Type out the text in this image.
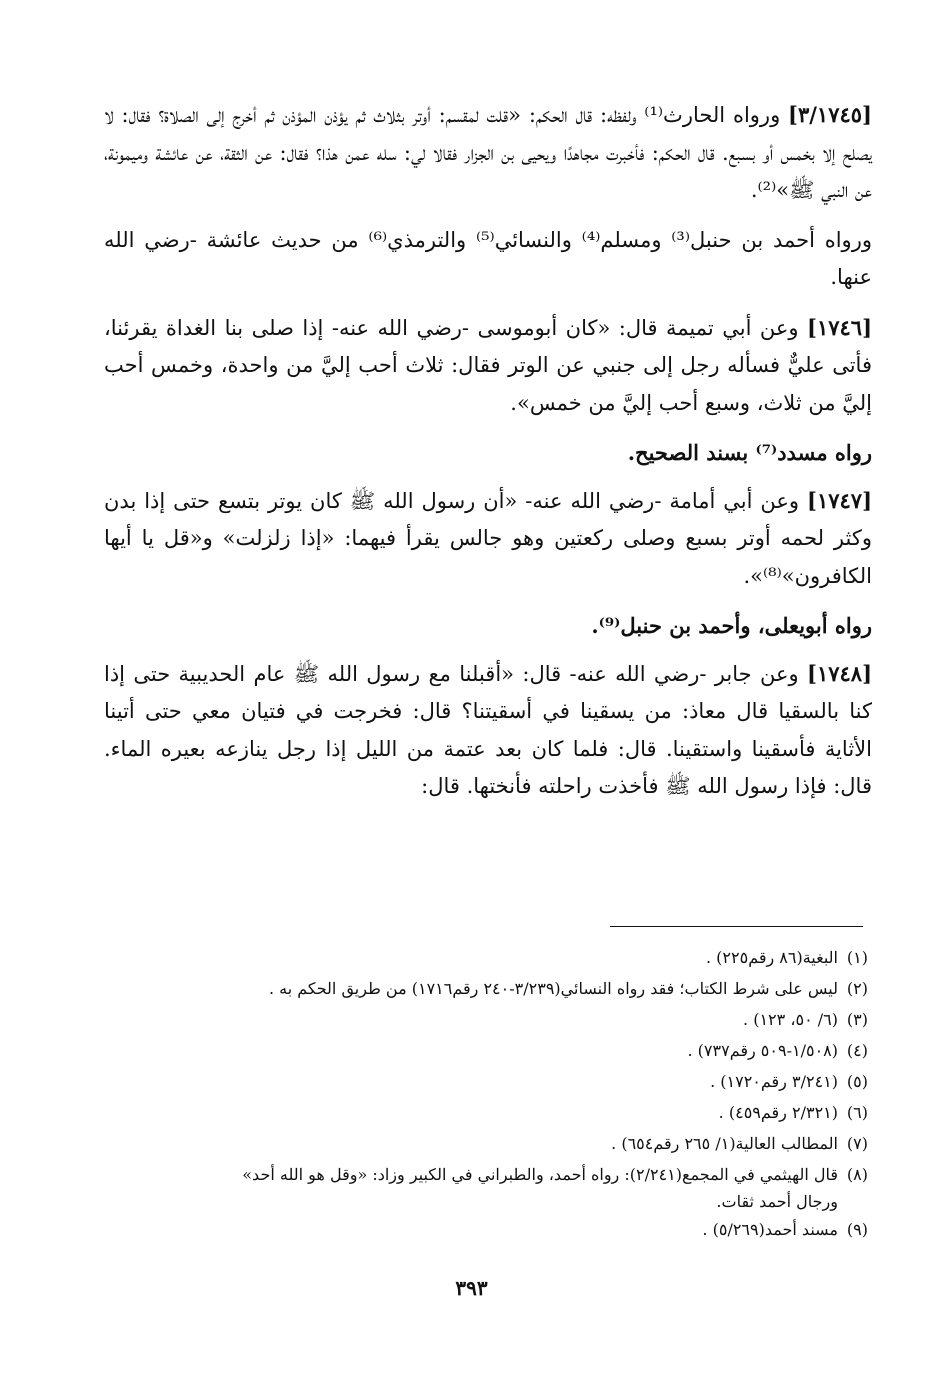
[٣/١٧٤٥] ورواه الحارث⁽¹⁾ ولفظه: قال الحكم: «قلت لمقسم: أوتر بثلاث ثم يؤذن المؤذن ثم أخرج إلى الصلاة؟ فقال: لا يصلح إلا بخمس أو بسبع. قال الحكم: فأخبرت مجاهدًا ويحيى بن الجزار فقالا لي: سله عمن هذا؟ فقال: عن الثقة، عن عائشة وميمونة، عن النبي ﷺ»⁽²⁾.

ورواه أحمد بن حنبل⁽³⁾ ومسلم⁽⁴⁾ والنسائي⁽⁵⁾ والترمذي⁽⁶⁾ من حديث عائشة -رضي الله عنها.

[١٧٤٦] وعن أبي تميمة قال: «كان أبوموسى -رضي الله عنه- إذا صلى بنا الغداة يقرئنا، فأتى عليٌّ فسأله رجل إلى جنبي عن الوتر فقال: ثلاث أحب إليَّ من واحدة، وخمس أحب إليَّ من ثلاث، وسبع أحب إليَّ من خمس».

رواه مسدد⁽⁷⁾ بسند الصحيح.

[١٧٤٧] وعن أبي أمامة -رضي الله عنه- «أن رسول الله ﷺ كان يوتر بتسع حتى إذا بدن وكثر لحمه أوتر بسبع وصلى ركعتين وهو جالس يقرأ فيهما: «إذا زلزلت» و«قل يا أيها الكافرون»⁽⁸⁾».

رواه أبويعلى، وأحمد بن حنبل⁽⁹⁾.

[١٧٤٨] وعن جابر -رضي الله عنه- قال: «أقبلنا مع رسول الله ﷺ عام الحديبية حتى إذا كنا بالسقيا قال معاذ: من يسقينا في أسقيتنا؟ قال: فخرجت في فتيان معي حتى أتينا الأثاية فأسقينا واستقينا. قال: فلما كان بعد عتمة من الليل إذا رجل ينازعه بعيره الماء. قال: فإذا رسول الله ﷺ فأخذت راحلته فأنختها. قال:

(١)
البغية(٨٦ رقم٢٢٥) .

(٢)
ليس على شرط الكتاب؛ فقد رواه النسائي(٣/٢٣٩-٢٤٠ رقم١٧١٦) من طريق الحكم به .

(٣)
(٦/ ٥٠، ١٢٣) .

(٤)
(١/٥٠٨-٥٠٩ رقم٧٣٧) .

(٥)
(٣/٢٤١ رقم١٧٢٠) .

(٦)
(٢/٣٢١ رقم٤٥٩) .

(٧)
المطالب العالية(١/ ٢٦٥ رقم٦٥٤) .

(٨)
قال الهيثمي في المجمع(٢/٢٤١): رواه أحمد، والطبراني في الكبير وزاد: «وقل هو الله أحد»
ورجال أحمد ثقات.

(٩)
مسند أحمد(٥/٢٦٩) .

٣٩٣
